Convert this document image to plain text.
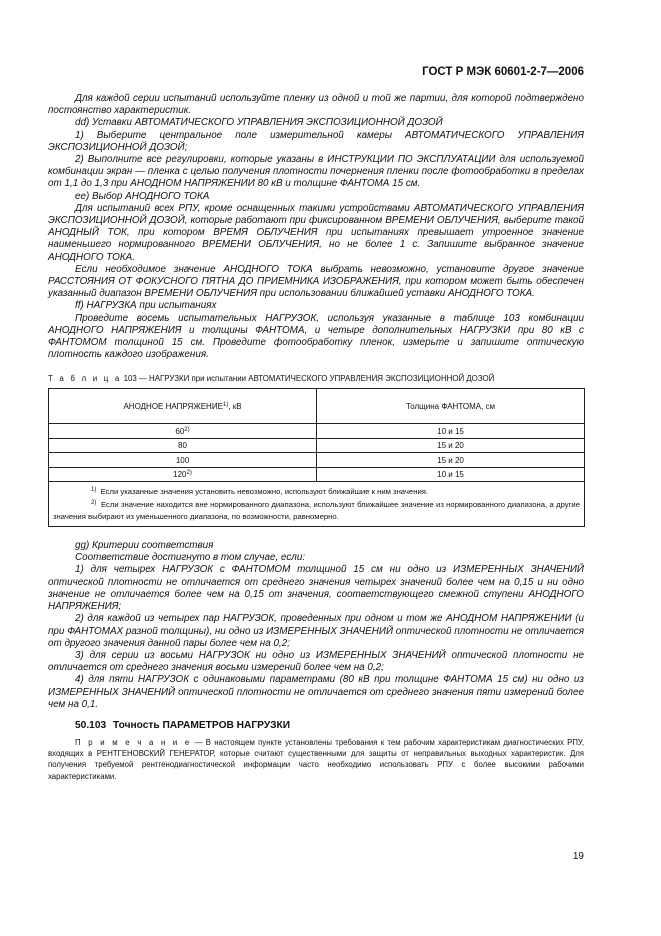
ГОСТ Р МЭК 60601-2-7—2006

Для каждой серии испытаний используйте пленку из одной и той же партии, для которой подтверждено постоянство характеристик.

dd) Уставки АВТОМАТИЧЕСКОГО УПРАВЛЕНИЯ ЭКСПОЗИЦИОННОЙ ДОЗОЙ

1) Выберите центральное поле измерительной камеры АВТОМАТИЧЕСКОГО УПРАВЛЕНИЯ ЭКСПОЗИЦИОННОЙ ДОЗОЙ;

2) Выполните все регулировки, которые указаны в ИНСТРУКЦИИ ПО ЭКСПЛУАТАЦИИ для используемой комбинации экран — пленка с целью получения плотности почернения пленки после фотообработки в пределах от 1,1 до 1,3 при АНОДНОМ НАПРЯЖЕНИИ 80 кВ и толщине ФАНТОМА 15 см.

ее) Выбор АНОДНОГО ТОКА

Для испытаний всех РПУ, кроме оснащенных такими устройствами АВТОМАТИЧЕСКОГО УПРАВЛЕНИЯ ЭКСПОЗИЦИОННОЙ ДОЗОЙ, которые работают при фиксированном ВРЕМЕНИ ОБЛУЧЕНИЯ, выберите такой АНОДНЫЙ ТОК, при котором ВРЕМЯ ОБЛУЧЕНИЯ при испытаниях превышает утроенное значение наименьшего нормированного ВРЕМЕНИ ОБЛУЧЕНИЯ, но не более 1 с. Запишите выбранное значение АНОДНОГО ТОКА.

Если необходимое значение АНОДНОГО ТОКА выбрать невозможно, установите другое значение РАССТОЯНИЯ ОТ ФОКУСНОГО ПЯТНА ДО ПРИЕМНИКА ИЗОБРАЖЕНИЯ, при котором может быть обеспечен указанный диапазон ВРЕМЕНИ ОБЛУЧЕНИЯ при использовании ближайшей уставки АНОДНОГО ТОКА.

ff) НАГРУЗКА при испытаниях

Проведите восемь испытательных НАГРУЗОК, используя указанные в таблице 103 комбинации АНОДНОГО НАПРЯЖЕНИЯ и толщины ФАНТОМА, и четыре дополнительных НАГРУЗКИ при 80 кВ с ФАНТОМОМ толщиной 15 см. Проведите фотообработку пленок, измерьте и запишите оптическую плотность каждого изображения.

Т а б л и ц а 103 — НАГРУЗКИ при испытании АВТОМАТИЧЕСКОГО УПРАВЛЕНИЯ ЭКСПОЗИЦИОННОЙ ДОЗОЙ
АНОДНОЕ НАПРЯЖЕНИЕ$^{1)}$, кВ	Толщина ФАНТОМА, см
60$^{2)}$	10 и 15
80	15 и 20
100	15 и 20
120$^{2)}$	10 и 15

$^{1)}$ Если указанные значения установить невозможно, используют ближайшие к ним значения.
$^{2)}$ Если значение находится вне нормированного диапазона, используют ближайшее значение из нормированного диапазона, а другие значения выбирают из уменьшенного диапазона, по возможности, равномерно.	

gg) Критерии соответствия

Соответствие достигнуто в том случае, если:

1) для четырех НАГРУЗОК с ФАНТОМОМ толщиной 15 см ни одно из ИЗМЕРЕННЫХ ЗНАЧЕНИЙ оптической плотности не отличается от среднего значения четырех значений более чем на 0,15 и ни одно значение не отличается более чем на 0,15 от значения, соответствующего смежной ступени АНОДНОГО НАПРЯЖЕНИЯ;

2) для каждой из четырех пар НАГРУЗОК, проведенных при одном и том же АНОДНОМ НАПРЯЖЕНИИ (и при ФАНТОМАХ разной толщины), ни одно из ИЗМЕРЕННЫХ ЗНАЧЕНИЙ оптической плотности не отличается от другого значения данной пары более чем на 0,2;

3) для серии из восьми НАГРУЗОК ни одно из ИЗМЕРЕННЫХ ЗНАЧЕНИЙ оптической плотности не отличается от среднего значения восьми измерений более чем на 0,2;

4) для пяти НАГРУЗОК с одинаковыми параметрами (80 кВ при толщине ФАНТОМА 15 см) ни одно из ИЗМЕРЕННЫХ ЗНАЧЕНИЙ оптической плотности не отличается от среднего значения пяти измерений более чем на 0,1.

50.103 Точность ПАРАМЕТРОВ НАГРУЗКИ

П р и м е ч а н и е — В настоящем пункте установлены требования к тем рабочим характеристикам диагностических РПУ, входящих в РЕНТГЕНОВСКИЙ ГЕНЕРАТОР, которые считают существенными для защиты от неправильных выходных характеристик. Для получения требуемой рентгенодиагностической информации часто необходимо использовать РПУ с более высокими рабочими характеристиками.

19
